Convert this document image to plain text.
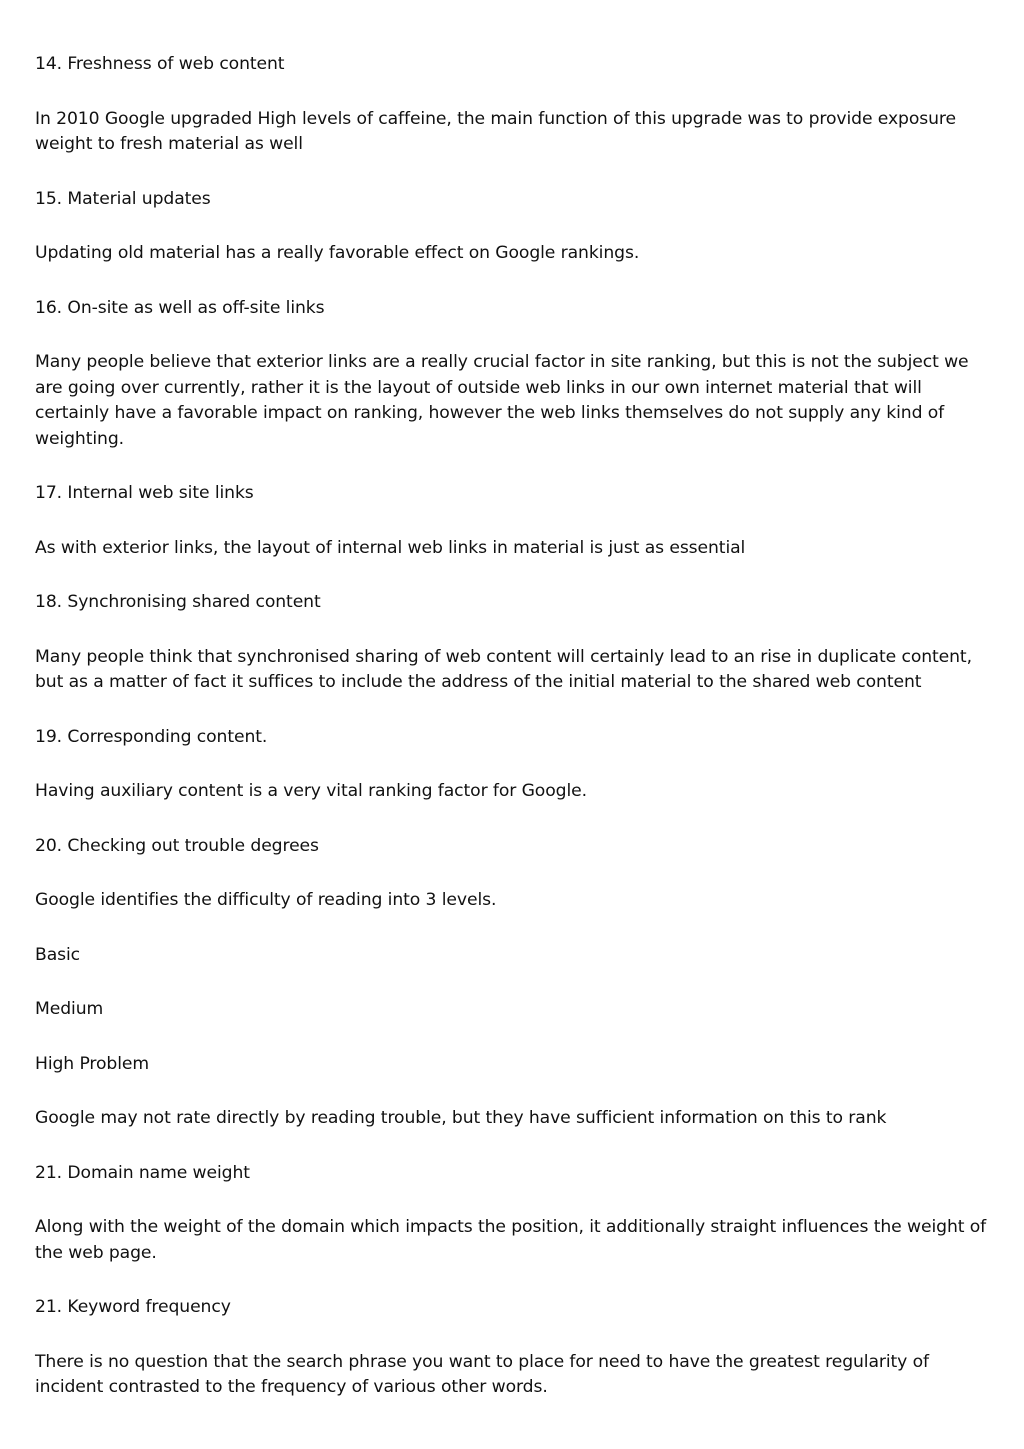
14. Freshness of web content

In 2010 Google upgraded High levels of caffeine, the main function of this upgrade was to provide exposure weight to fresh material as well

15. Material updates

Updating old material has a really favorable effect on Google rankings.

16. On-site as well as off-site links

Many people believe that exterior links are a really crucial factor in site ranking, but this is not the subject we are going over currently, rather it is the layout of outside web links in our own internet material that will certainly have a favorable impact on ranking, however the web links themselves do not supply any kind of weighting.

17. Internal web site links

As with exterior links, the layout of internal web links in material is just as essential

18. Synchronising shared content

Many people think that synchronised sharing of web content will certainly lead to an rise in duplicate content, but as a matter of fact it suffices to include the address of the initial material to the shared web content

19. Corresponding content.

Having auxiliary content is a very vital ranking factor for Google.

20. Checking out trouble degrees

Google identifies the difficulty of reading into 3 levels.

Basic

Medium

High Problem

Google may not rate directly by reading trouble, but they have sufficient information on this to rank

21. Domain name weight

Along with the weight of the domain which impacts the position, it additionally straight influences the weight of the web page.

21. Keyword frequency

There is no question that the search phrase you want to place for need to have the greatest regularity of incident contrasted to the frequency of various other words.
